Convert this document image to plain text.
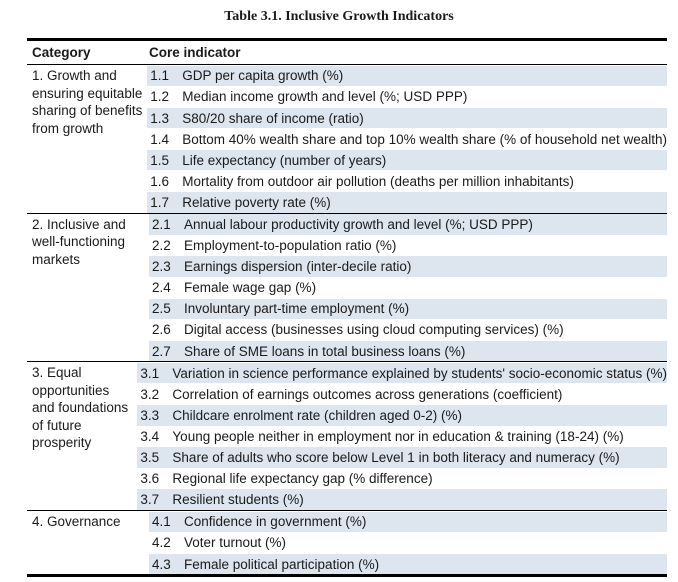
Table 3.1. Inclusive Growth Indicators
Category	Core indicator
1. Growth and ensuring equitable sharing of benefits from growth
1.1 GDP per capita growth (%)
1.2 Median income growth and level (%; USD PPP)
1.3 S80/20 share of income (ratio)
1.4 Bottom 40% wealth share and top 10% wealth share (% of household net wealth)
1.5 Life expectancy (number of years)
1.6 Mortality from outdoor air pollution (deaths per million inhabitants)
1.7 Relative poverty rate (%)
2. Inclusive and well-functioning markets
2.1 Annual labour productivity growth and level (%; USD PPP)
2.2 Employment-to-population ratio (%)
2.3 Earnings dispersion (inter-decile ratio)
2.4 Female wage gap (%)
2.5 Involuntary part-time employment (%)
2.6 Digital access (businesses using cloud computing services) (%)
2.7 Share of SME loans in total business loans (%)
3. Equal opportunities and foundations of future prosperity
3.1 Variation in science performance explained by students' socio-economic status (%)
3.2 Correlation of earnings outcomes across generations (coefficient)
3.3 Childcare enrolment rate (children aged 0-2) (%)
3.4 Young people neither in employment nor in education & training (18-24) (%)
3.5 Share of adults who score below Level 1 in both literacy and numeracy (%)
3.6 Regional life expectancy gap (% difference)
3.7 Resilient students (%)
4. Governance	4.1 Confidence in government (%)
4.2 Voter turnout (%)
4.3 Female political participation (%)
